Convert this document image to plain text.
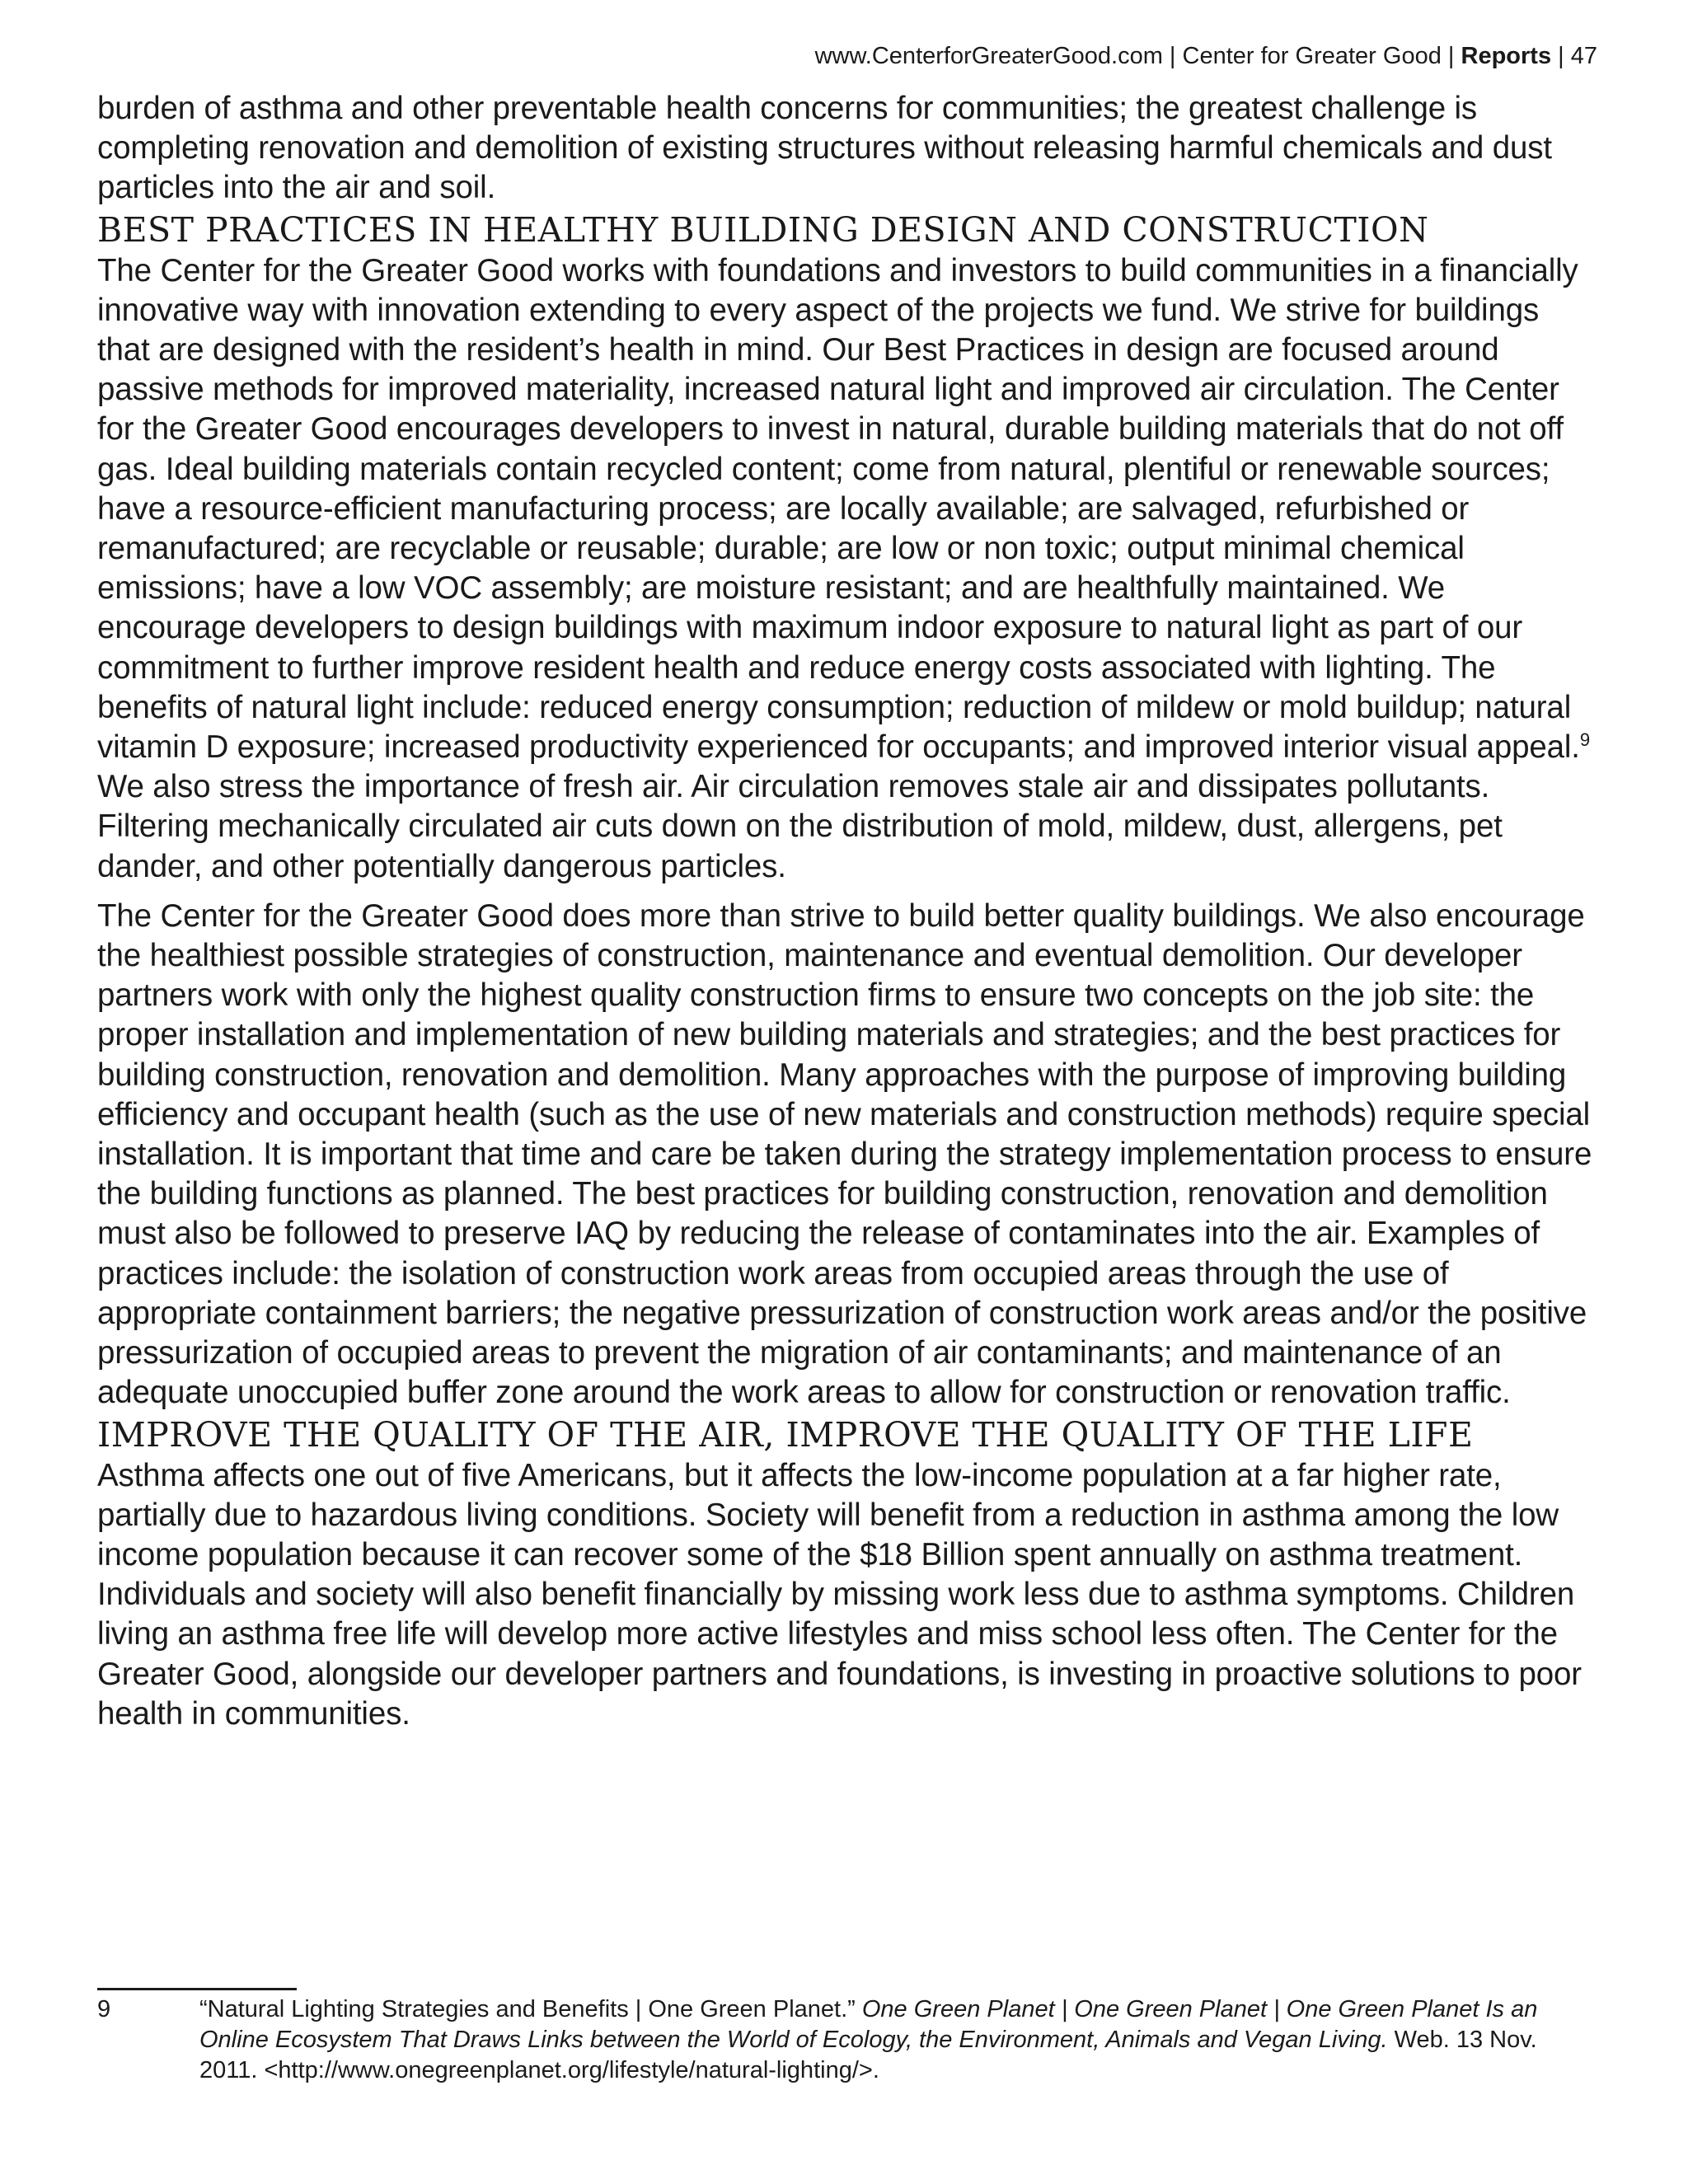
www.CenterforGreaterGood.com | Center for Greater Good | Reports | 47

burden of asthma and other preventable health concerns for communities; the greatest challenge is completing renovation and demolition of existing structures without releasing harmful chemicals and dust particles into the air and soil.

BEST PRACTICES IN HEALTHY BUILDING DESIGN AND CONSTRUCTION

The Center for the Greater Good works with foundations and investors to build communities in a financially innovative way with innovation extending to every aspect of the projects we fund. We strive for buildings that are designed with the resident’s health in mind. Our Best Practices in design are focused around passive methods for improved materiality, increased natural light and improved air circulation. The Center for the Greater Good encourages developers to invest in natural, durable building materials that do not off gas. Ideal building materials contain recycled content; come from natural, plentiful or renewable sources; have a resource-efficient manufacturing process; are locally available; are salvaged, refurbished or remanufactured; are recyclable or reusable; durable; are low or non toxic; output minimal chemical emissions; have a low VOC assembly; are moisture resistant; and are healthfully maintained. We encourage developers to design buildings with maximum indoor exposure to natural light as part of our commitment to further improve resident health and reduce energy costs associated with lighting. The benefits of natural light include: reduced energy consumption; reduction of mildew or mold buildup; natural vitamin D exposure; increased productivity experienced for occupants; and improved interior visual appeal.$^9$ We also stress the importance of fresh air. Air circulation removes stale air and dissipates pollutants. Filtering mechanically circulated air cuts down on the distribution of mold, mildew, dust, allergens, pet dander, and other potentially dangerous particles.

The Center for the Greater Good does more than strive to build better quality buildings. We also encourage the healthiest possible strategies of construction, maintenance and eventual demolition. Our developer partners work with only the highest quality construction firms to ensure two concepts on the job site: the proper installation and implementation of new building materials and strategies; and the best practices for building construction, renovation and demolition. Many approaches with the purpose of improving building efficiency and occupant health (such as the use of new materials and construction methods) require special installation. It is important that time and care be taken during the strategy implementation process to ensure the building functions as planned. The best practices for building construction, renovation and demolition must also be followed to preserve IAQ by reducing the release of contaminates into the air. Examples of practices include: the isolation of construction work areas from occupied areas through the use of appropriate containment barriers; the negative pressurization of construction work areas and/or the positive pressurization of occupied areas to prevent the migration of air contaminants; and maintenance of an adequate unoccupied buffer zone around the work areas to allow for construction or renovation traffic.

IMPROVE THE QUALITY OF THE AIR, IMPROVE THE QUALITY OF THE LIFE

Asthma affects one out of five Americans, but it affects the low-income population at a far higher rate, partially due to hazardous living conditions. Society will benefit from a reduction in asthma among the low income population because it can recover some of the $18 Billion spent annually on asthma treatment. Individuals and society will also benefit financially by missing work less due to asthma symptoms. Children living an asthma free life will develop more active lifestyles and miss school less often. The Center for the Greater Good, alongside our developer partners and foundations, is investing in proactive solutions to poor health in communities.

9	“Natural Lighting Strategies and Benefits | One Green Planet.” One Green Planet | One Green Planet | One Green Planet Is an Online Ecosystem That Draws Links between the World of Ecology, the Environment, Animals and Vegan Living. Web. 13 Nov. 2011. <http://www.onegreenplanet.org/lifestyle/natural-lighting/>.
